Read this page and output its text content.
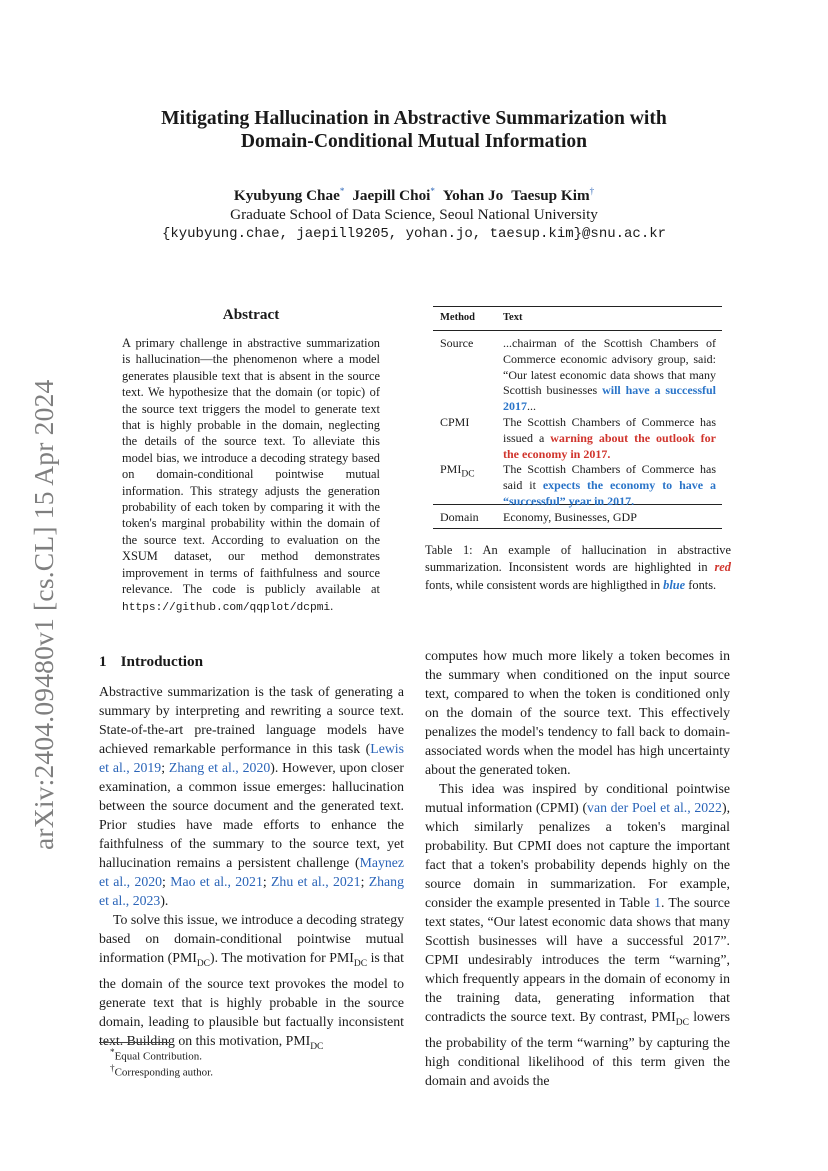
arXiv:2404.09480v1 [cs.CL] 15 Apr 2024
Mitigating Hallucination in Abstractive Summarization with
Domain-Conditional Mutual Information
Kyubyung Chae* Jaepill Choi* Yohan Jo Taesup Kim†
Graduate School of Data Science, Seoul National University
{kyubyung.chae, jaepill9205, yohan.jo, taesup.kim}@snu.ac.kr
Abstract
A primary challenge in abstractive summarization is hallucination—the phenomenon where a model generates plausible text that is absent in the source text. We hypothesize that the domain (or topic) of the source text triggers the model to generate text that is highly probable in the domain, neglecting the details of the source text. To alleviate this model bias, we introduce a decoding strategy based on domain-conditional pointwise mutual information. This strategy adjusts the generation probability of each token by comparing it with the token's marginal probability within the domain of the source text. According to evaluation on the XSUM dataset, our method demonstrates improvement in terms of faithfulness and source relevance. The code is publicly available at https://github.com/qqplot/dcpmi.
Method	Text
Source ...chairman of the Scottish Chambers of Commerce economic advisory group, said: “Our latest economic data shows that many Scottish businesses will have a successful 2017...
CPMI	The Scottish Chambers of Commerce has issued a warning about the outlook for the economy in 2017.
$PMI_{DC}$ The Scottish Chambers of Commerce has said it expects the economy to have a “successful” year in 2017.
Domain Economy, Businesses, GDP
Table 1: An example of hallucination in abstractive summarization. Inconsistent words are highlighted in red fonts, while consistent words are highligthed in blue fonts.
1 Introduction

Abstractive summarization is the task of generating a summary by interpreting and rewriting a source text. State-of-the-art pre-trained language models have achieved remarkable performance in this task (Lewis et al., 2019; Zhang et al., 2020). However, upon closer examination, a common issue emerges: hallucination between the source document and the generated text. Prior studies have made efforts to enhance the faithfulness of the summary to the source text, yet hallucination remains a persistent challenge (Maynez et al., 2020; Mao et al., 2021; Zhu et al., 2021; Zhang et al., 2023).

To solve this issue, we introduce a decoding strategy based on domain-conditional pointwise mutual information $(PMI_{DC})$. The motivation for $PMI_{DC}$ is that the domain of the source text provokes the model to generate text that is highly probable in the source domain, leading to plausible but factually inconsistent text. Building on this motivation, $PMI_{DC}$

computes how much more likely a token becomes in the summary when conditioned on the input source text, compared to when the token is conditioned only on the domain of the source text. This effectively penalizes the model's tendency to fall back to domain-associated words when the model has high uncertainty about the generated token.

This idea was inspired by conditional pointwise mutual information (CPMI) (van der Poel et al., 2022), which similarly penalizes a token's marginal probability. But CPMI does not capture the important fact that a token's probability depends highly on the source domain in summarization. For example, consider the example presented in Table 1. The source text states, “Our latest economic data shows that many Scottish businesses will have a successful 2017”. CPMI undesirably introduces the term “warning”, which frequently appears in the domain of economy in the training data, generating information that contradicts the source text. By contrast, $PMI_{DC}$ lowers the probability of the term “warning” by capturing the high conditional likelihood of this term given the domain and avoids the

*Equal Contribution.
†Corresponding author.
